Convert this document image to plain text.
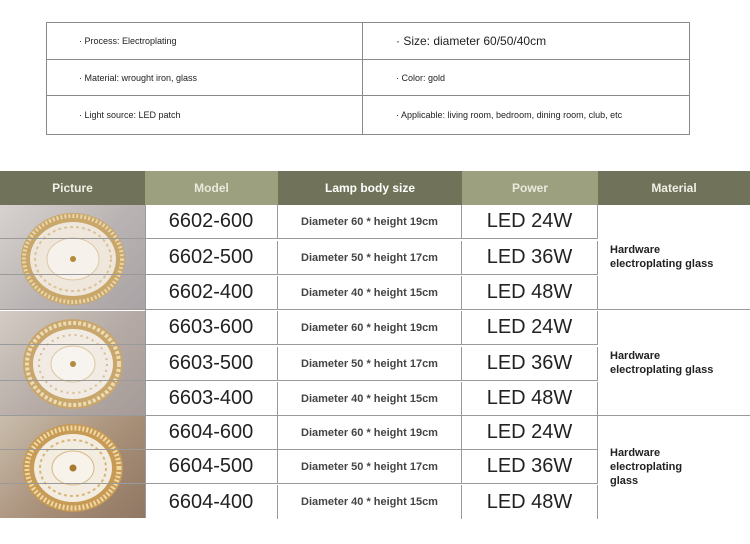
· Process: Electroplating	· Size: diameter 60/50/40cm
· Material: wrought iron, glass	· Color: gold
· Light source: LED patch	· Applicable: living room, bedroom, dining room, club, etc
Picture	Model	Lamp body size	Power	Material
6602-600	Diameter 60 * height 19cm	LED 24W
6602-500	Diameter 50 * height 17cm	LED 36W
6602-400	Diameter 40 * height 15cm	LED 48W
Hardware
electroplating glass
6603-600	Diameter 60 * height 19cm	LED 24W
6603-500	Diameter 50 * height 17cm	LED 36W
6603-400	Diameter 40 * height 15cm	LED 48W
Hardware
electroplating glass
6604-600	Diameter 60 * height 19cm	LED 24W
6604-500	Diameter 50 * height 17cm	LED 36W
6604-400	Diameter 40 * height 15cm	LED 48W
Hardware
electroplating
glass
